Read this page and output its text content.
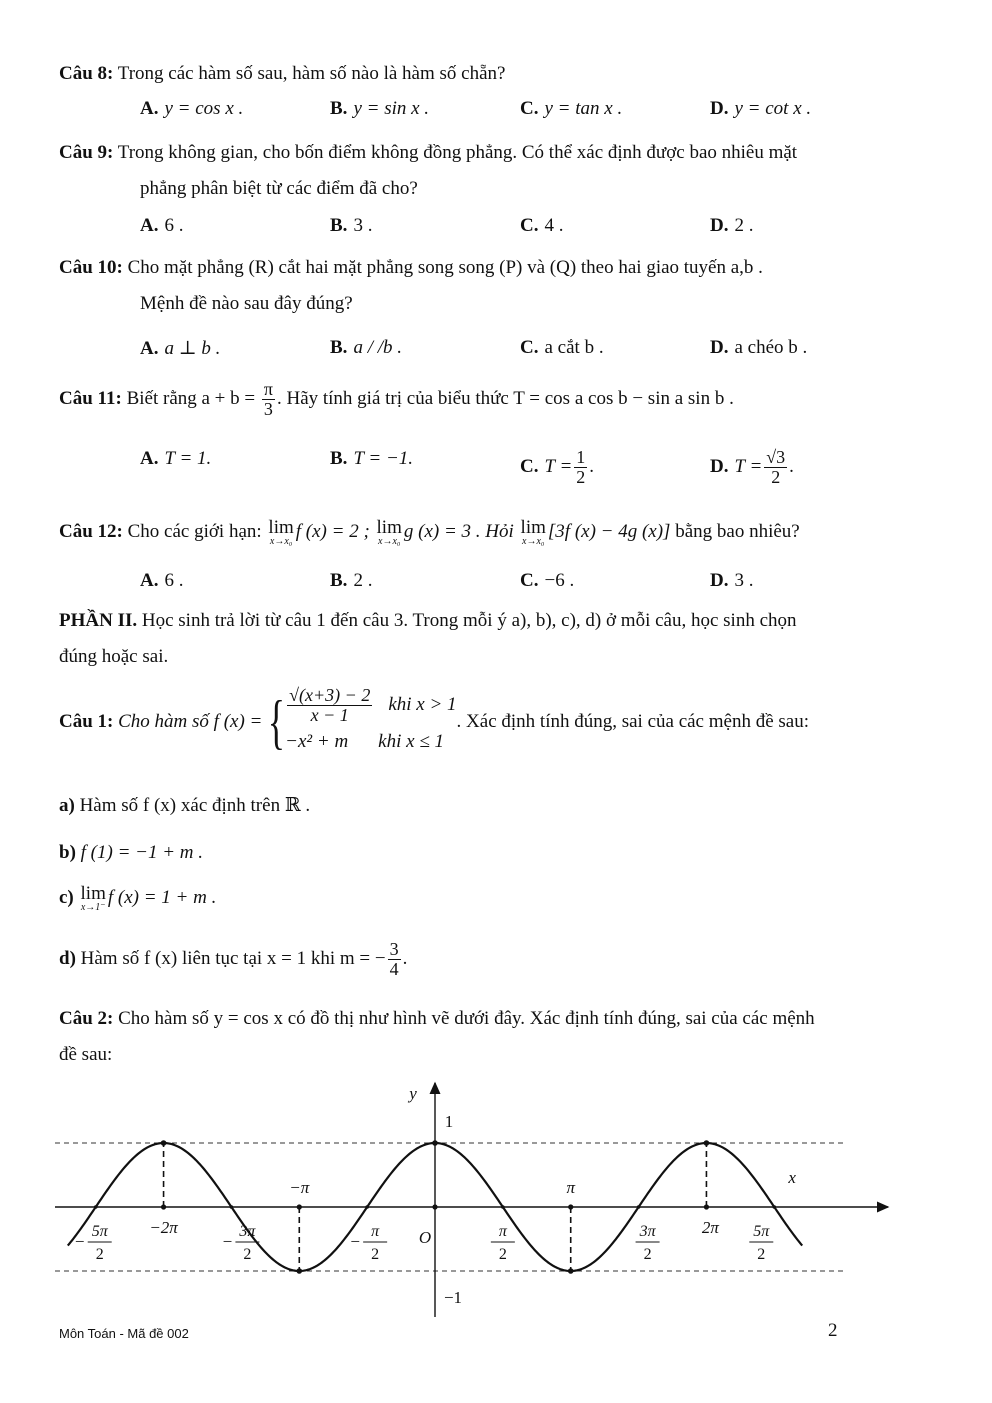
Câu 8: Trong các hàm số sau, hàm số nào là hàm số chẵn?
A. y = cos x .	B. y = sin x .	C. y = tan x .	D. y = cot x .
Câu 9: Trong không gian, cho bốn điểm không đồng phẳng. Có thể xác định được bao nhiêu mặt
phẳng phân biệt từ các điểm đã cho?
A. 6 .	B. 3 .	C. 4 .	D. 2 .
Câu 10: Cho mặt phẳng (R) cắt hai mặt phẳng song song (P) và (Q) theo hai giao tuyến a,b .
Mệnh đề nào sau đây đúng?
A. a ⊥ b .	B. a / /b .	C. a cắt b .	D. a chéo b .
Câu 11: Biết rằng $a + b = \frac{\pi}{3}$ . Hãy tính giá trị của biểu thức T = cos a cos b − sin a sin b .
A. T = 1.	B. T = −1.	C. $T = \frac{1}{2}$ .	D. $T = \frac{√3}{2}$ .
Câu 12: Cho các giới hạn: lim
x→x₀ f (x) = 2 ; lim
x→x₀ g (x) = 3 . Hỏi lim
x→x₀ [3f (x) − 4g (x)] bằng bao nhiêu?
A. 6 .	B. 2 .	C. −6 .	D. 3 .
PHẦN II. Học sinh trả lời từ câu 1 đến câu 3. Trong mỗi ý a), b), c), d) ở mỗi câu, học sinh chọn
đúng hoặc sai.
Câu 1: Cho hàm số f (x) ={ $\frac{√(x+3) - 2}{x - 1}$ khi x > 1
−x² + m khi x ≤ 1
. Xác định tính đúng, sai của các mệnh đề sau:
a) Hàm số f (x) xác định trên ℝ .
b) f (1) = −1 + m .
c) lim
x→1⁻ f (x) = 1 + m .
d) Hàm số f (x) liên tục tại x = 1 khi m = − $\frac{3}{4}$ .
Câu 2: Cho hàm số y = cos x có đồ thị như hình vẽ dưới đây. Xác định tính đúng, sai của các mệnh
đề sau:
x
y
O
1
−1
5π
2
−
−2π	3π
2
−
−π
π
2
−
π
2
π
3π
2
2π 5π
2
Môn Toán - Mã đề 002	2
